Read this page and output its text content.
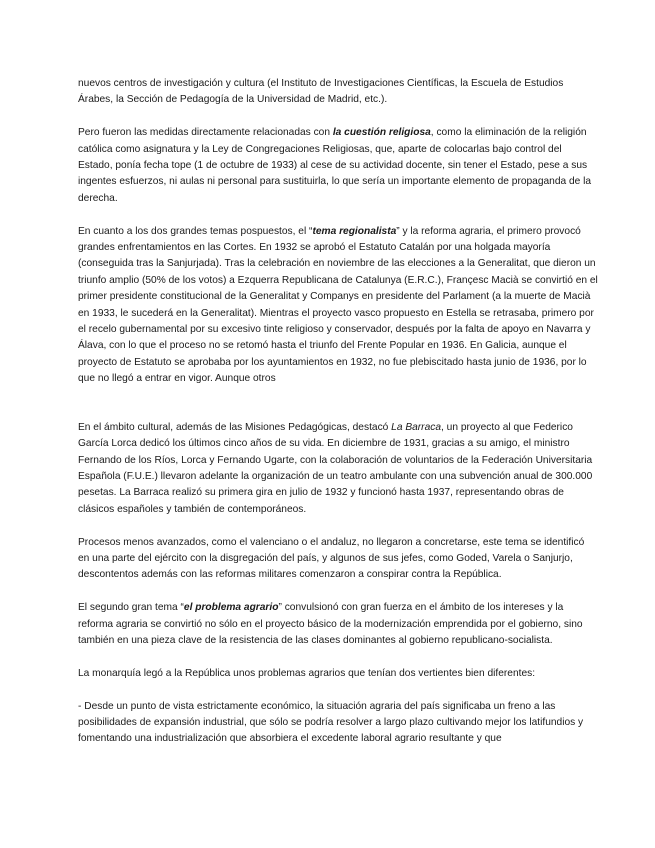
nuevos centros de investigación y cultura (el Instituto de Investigaciones Científicas, la Escuela de Estudios Árabes, la Sección de Pedagogía de la Universidad de Madrid, etc.).

Pero fueron las medidas directamente relacionadas con la cuestión religiosa, como la eliminación de la religión católica como asignatura y la Ley de Congregaciones Religiosas, que, aparte de colocarlas bajo control del Estado, ponía fecha tope (1 de octubre de 1933) al cese de su actividad docente, sin tener el Estado, pese a sus ingentes esfuerzos, ni aulas ni personal para sustituirla, lo que sería un importante elemento de propaganda de la derecha.

En cuanto a los dos grandes temas pospuestos, el “tema regionalista” y la reforma agraria, el primero provocó grandes enfrentamientos en las Cortes. En 1932 se aprobó el Estatuto Catalán por una holgada mayoría (conseguida tras la Sanjurjada). Tras la celebración en noviembre de las elecciones a la Generalitat, que dieron un triunfo amplio (50% de los votos) a Ezquerra Republicana de Catalunya (E.R.C.), Françesc Macià se convirtió en el primer presidente constitucional de la Generalitat y Companys en presidente del Parlament (a la muerte de Macià en 1933, le sucederá en la Generalitat). Mientras el proyecto vasco propuesto en Estella se retrasaba, primero por el recelo gubernamental por su excesivo tinte religioso y conservador, después por la falta de apoyo en Navarra y Álava, con lo que el proceso no se retomó hasta el triunfo del Frente Popular en 1936. En Galicia, aunque el proyecto de Estatuto se aprobaba por los ayuntamientos en 1932, no fue plebiscitado hasta junio de 1936, por lo que no llegó a entrar en vigor. Aunque otros

En el ámbito cultural, además de las Misiones Pedagógicas, destacó La Barraca, un proyecto al que Federico García Lorca dedicó los últimos cinco años de su vida. En diciembre de 1931, gracias a su amigo, el ministro Fernando de los Ríos, Lorca y Fernando Ugarte, con la colaboración de voluntarios de la Federación Universitaria Española (F.U.E.) llevaron adelante la organización de un teatro ambulante con una subvención anual de 300.000 pesetas. La Barraca realizó su primera gira en julio de 1932 y funcionó hasta 1937, representando obras de clásicos españoles y también de contemporáneos.

Procesos menos avanzados, como el valenciano o el andaluz, no llegaron a concretarse, este tema se identificó en una parte del ejército con la disgregación del país, y algunos de sus jefes, como Goded, Varela o Sanjurjo, descontentos además con las reformas militares comenzaron a conspirar contra la República.

El segundo gran tema “el problema agrario” convulsionó con gran fuerza en el ámbito de los intereses y la reforma agraria se convirtió no sólo en el proyecto básico de la modernización emprendida por el gobierno, sino también en una pieza clave de la resistencia de las clases dominantes al gobierno republicano-socialista.

La monarquía legó a la República unos problemas agrarios que tenían dos vertientes bien diferentes:

- Desde un punto de vista estrictamente económico, la situación agraria del país significaba un freno a las posibilidades de expansión industrial, que sólo se podría resolver a largo plazo cultivando mejor los latifundios y fomentando una industrialización que absorbiera el excedente laboral agrario resultante y que
